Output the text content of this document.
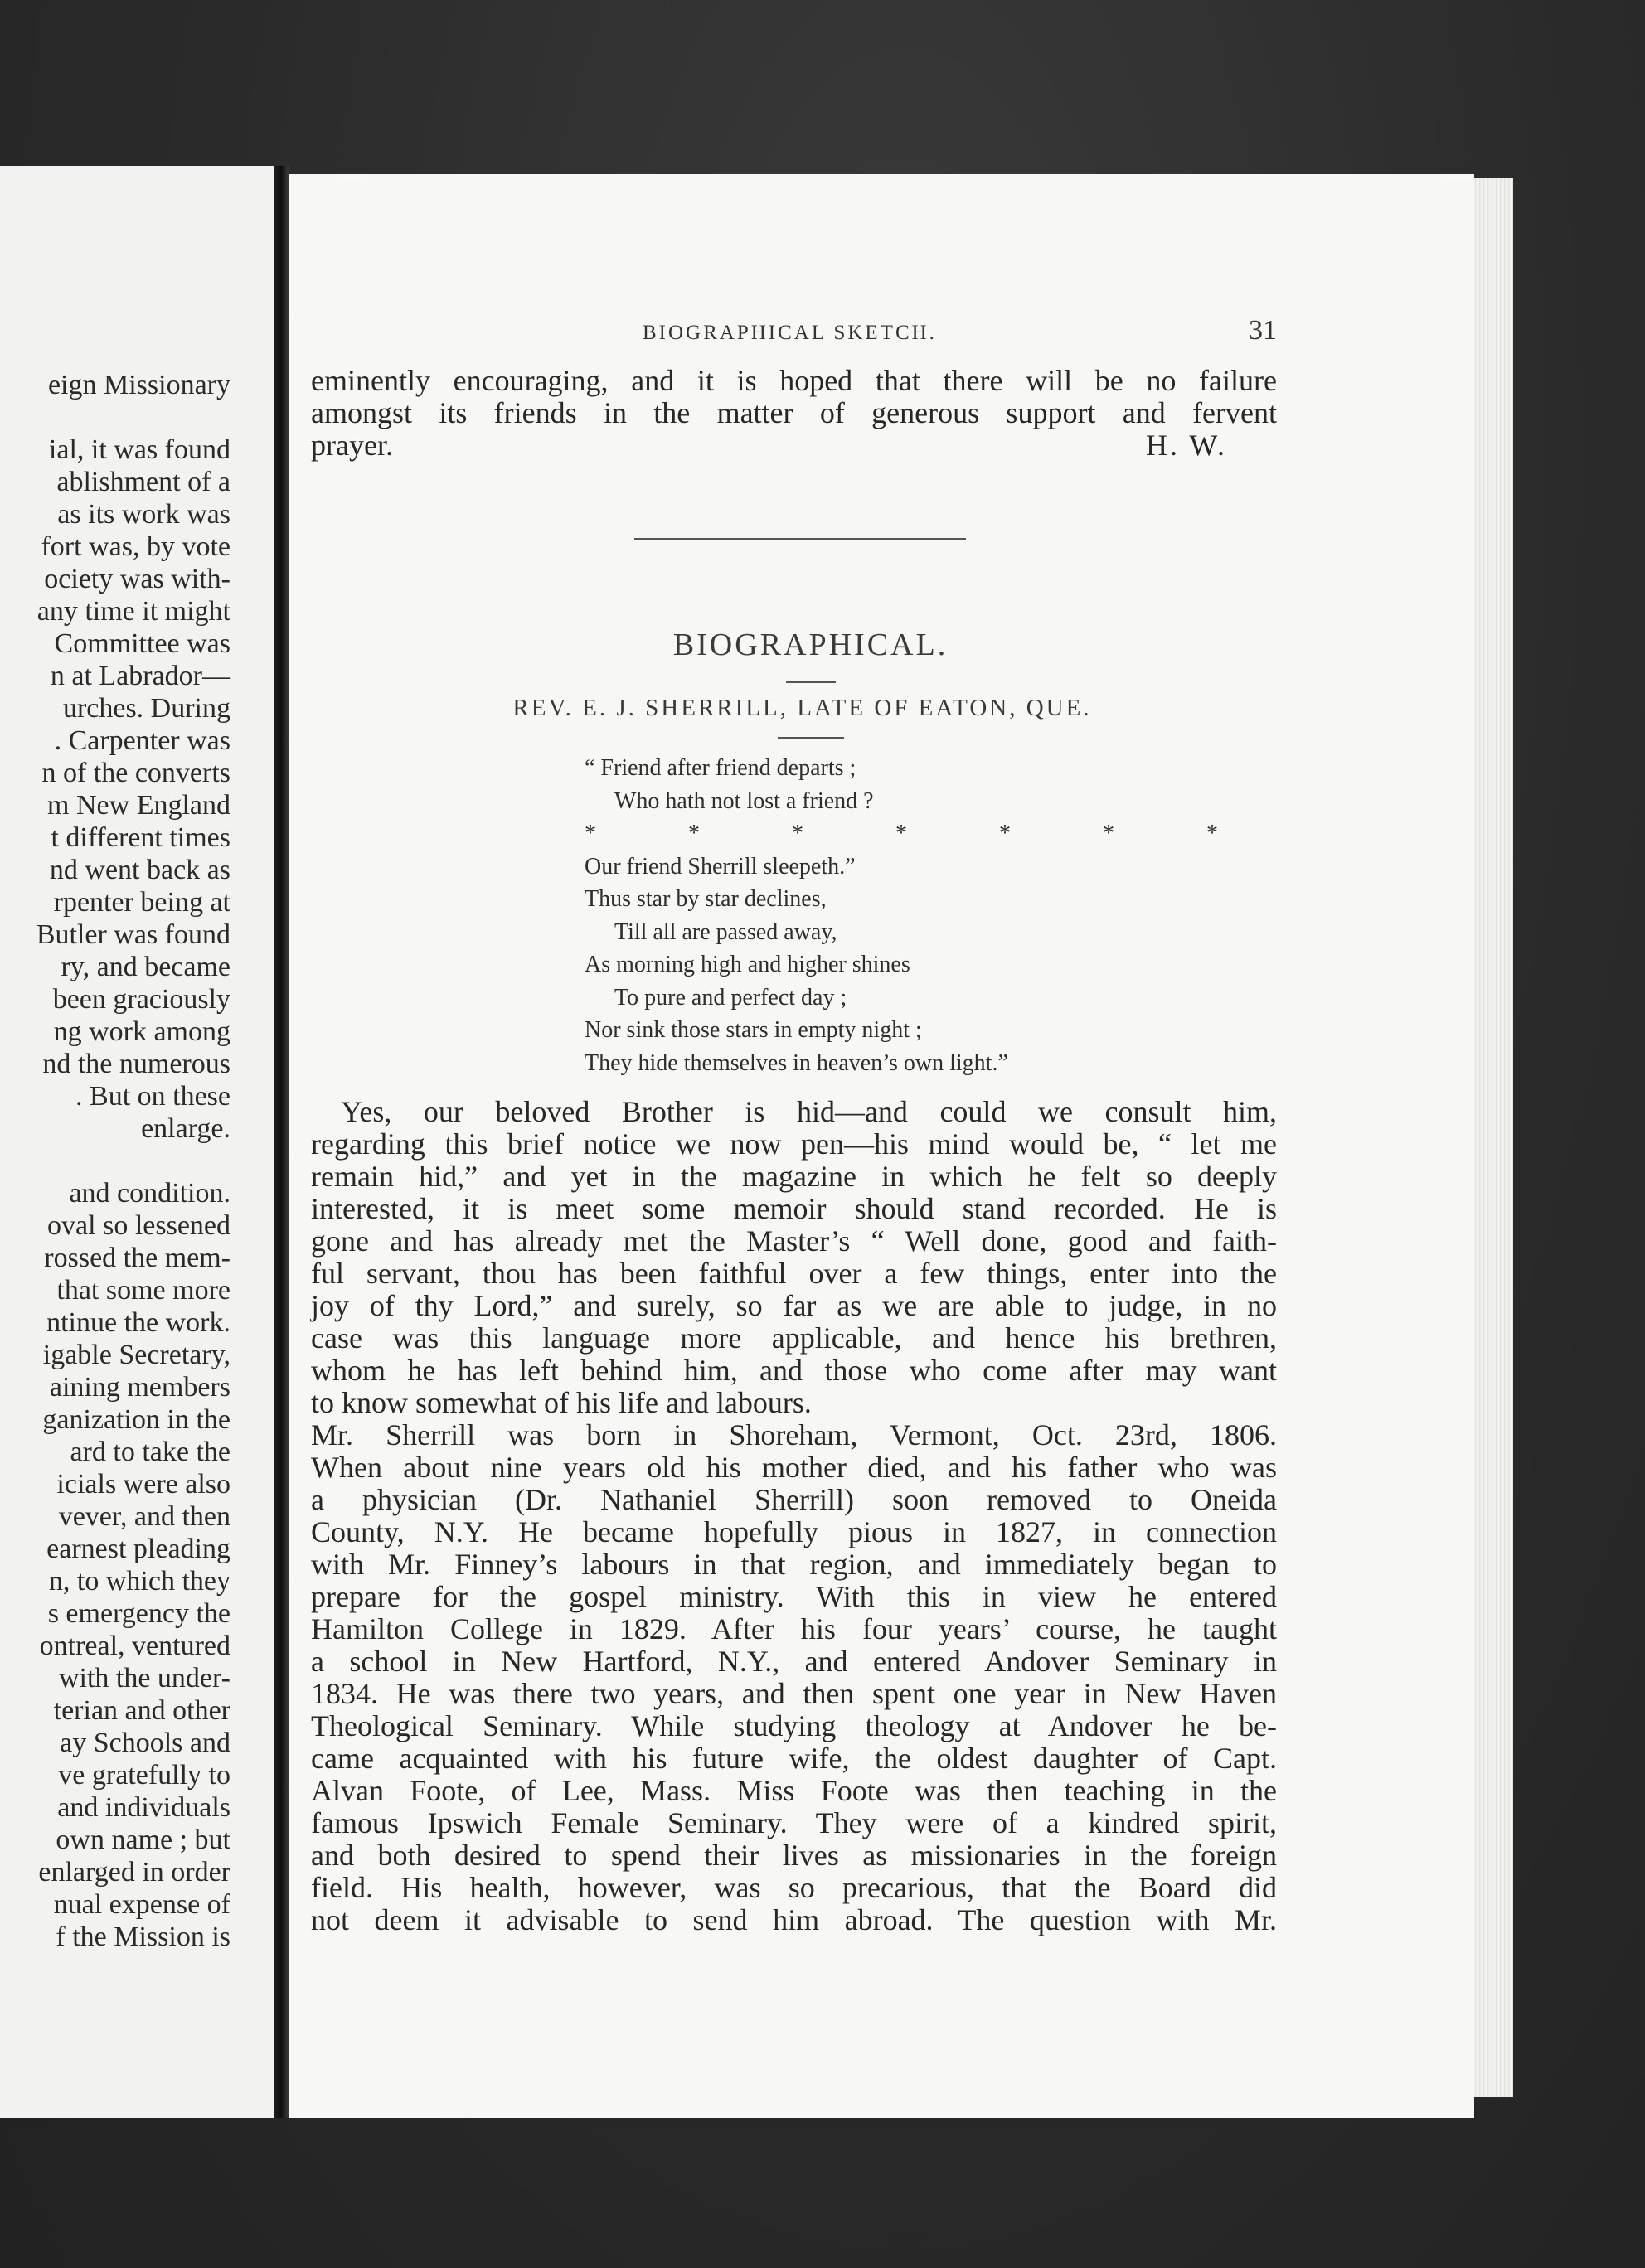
eign Missionary
ial, it was found
ablishment of a
as its work was
fort was, by vote
ociety was with-
any time it might
Committee was
n at Labrador—
urches. During
. Carpenter was
n of the converts
m New England
t different times
nd went back as
rpenter being at
Butler was found
ry, and became
been graciously
ng work among
nd the numerous
. But on these
enlarge.
and condition.
oval so lessened
rossed the mem-
that some more
ntinue the work.
igable Secretary,
aining members
ganization in the
ard to take the
icials were also
vever, and then
earnest pleading
n, to which they
s emergency the
ontreal, ventured
with the under-
terian and other
ay Schools and
ve gratefully to
and individuals
own name ; but
enlarged in order
nual expense of
f the Mission is
BIOGRAPHICAL SKETCH.	31
eminently encouraging, and it is hoped that there will be no failure
amongst its friends in the matter of generous support and fervent
prayer.	H. W.
BIOGRAPHICAL.
REV. E. J. SHERRILL, LATE OF EATON, QUE.
“ Friend after friend departs ;
Who hath not lost a friend ?
* * * * * * *
Our friend Sherrill sleepeth.”
Thus star by star declines,
Till all are passed away,
As morning high and higher shines
To pure and perfect day ;
Nor sink those stars in empty night ;
They hide themselves in heaven’s own light.”
Yes, our beloved Brother is hid—and could we consult him,
regarding this brief notice we now pen—his mind would be, “ let me
remain hid,” and yet in the magazine in which he felt so deeply
interested, it is meet some memoir should stand recorded. He is
gone and has already met the Master’s “ Well done, good and faith-
ful servant, thou has been faithful over a few things, enter into the
joy of thy Lord,” and surely, so far as we are able to judge, in no
case was this language more applicable, and hence his brethren,
whom he has left behind him, and those who come after may want
to know somewhat of his life and labours.
Mr. Sherrill was born in Shoreham, Vermont, Oct. 23rd, 1806.
When about nine years old his mother died, and his father who was
a physician (Dr. Nathaniel Sherrill) soon removed to Oneida
County, N.Y. He became hopefully pious in 1827, in connection
with Mr. Finney’s labours in that region, and immediately began to
prepare for the gospel ministry. With this in view he entered
Hamilton College in 1829. After his four years’ course, he taught
a school in New Hartford, N.Y., and entered Andover Seminary in
1834. He was there two years, and then spent one year in New Haven
Theological Seminary. While studying theology at Andover he be-
came acquainted with his future wife, the oldest daughter of Capt.
Alvan Foote, of Lee, Mass. Miss Foote was then teaching in the
famous Ipswich Female Seminary. They were of a kindred spirit,
and both desired to spend their lives as missionaries in the foreign
field. His health, however, was so precarious, that the Board did
not deem it advisable to send him abroad. The question with Mr.
